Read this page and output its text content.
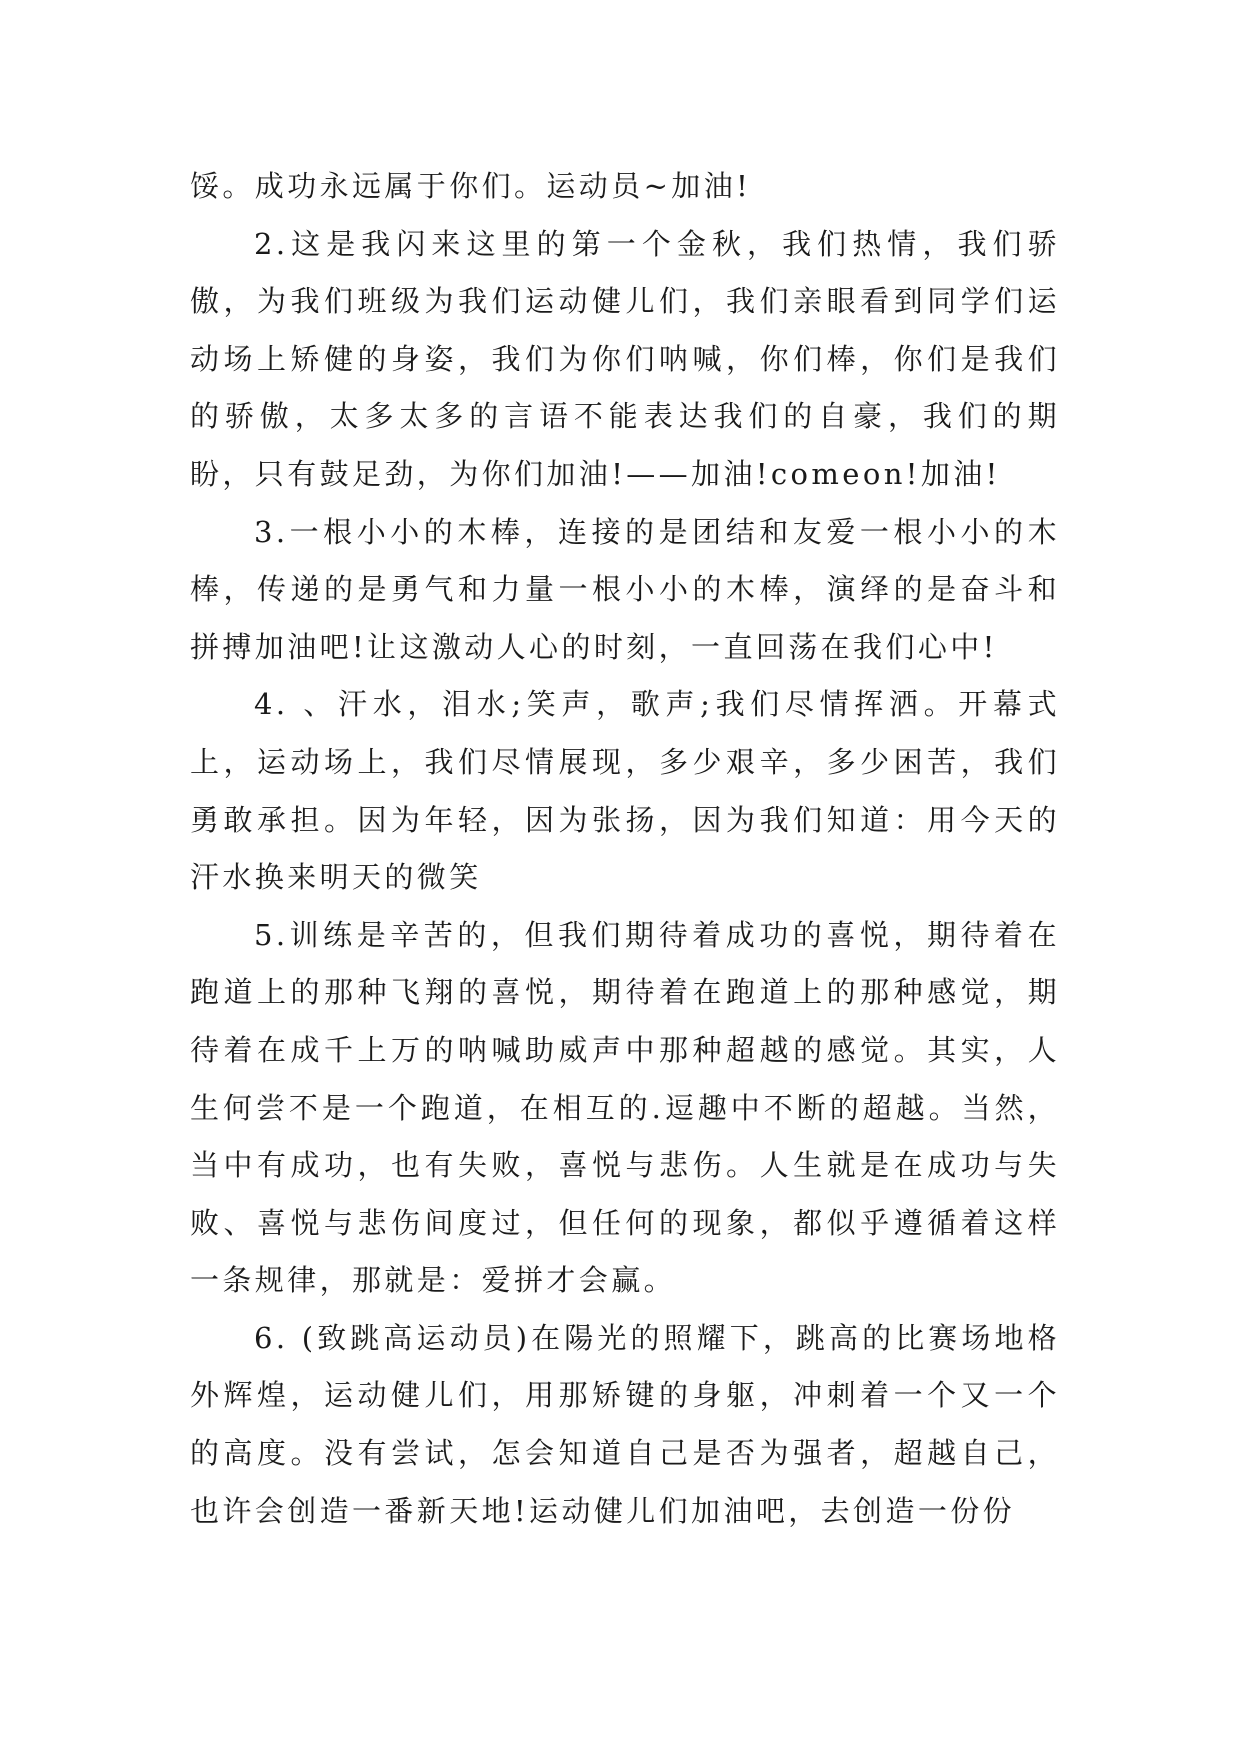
馁。成功永远属于你们。运动员~加油!

2.这是我闪来这里的第一个金秋，我们热情，我们骄傲，为我们班级为我们运动健儿们，我们亲眼看到同学们运动场上矫健的身姿，我们为你们呐喊，你们棒，你们是我们的骄傲，太多太多的言语不能表达我们的自豪，我们的期盼，只有鼓足劲，为你们加油!——加油!comeon!加油!

3.一根小小的木棒，连接的是团结和友爱一根小小的木棒，传递的是勇气和力量一根小小的木棒，演绎的是奋斗和拼搏加油吧!让这激动人心的时刻，一直回荡在我们心中!

4. 、汗水，泪水;笑声，歌声;我们尽情挥洒。开幕式上，运动场上，我们尽情展现，多少艰辛，多少困苦，我们勇敢承担。因为年轻，因为张扬，因为我们知道：用今天的汗水换来明天的微笑

5.训练是辛苦的，但我们期待着成功的喜悦，期待着在跑道上的那种飞翔的喜悦，期待着在跑道上的那种感觉，期待着在成千上万的呐喊助威声中那种超越的感觉。其实，人生何尝不是一个跑道，在相互的.逗趣中不断的超越。当然，当中有成功，也有失败，喜悦与悲伤。人生就是在成功与失败、喜悦与悲伤间度过，但任何的现象，都似乎遵循着这样一条规律，那就是：爱拼才会赢。

6. (致跳高运动员)在陽光的照耀下，跳高的比赛场地格外辉煌，运动健儿们，用那矫键的身躯，冲刺着一个又一个的高度。没有尝试，怎会知道自己是否为强者，超越自己，也许会创造一番新天地!运动健儿们加油吧，去创造一份份
